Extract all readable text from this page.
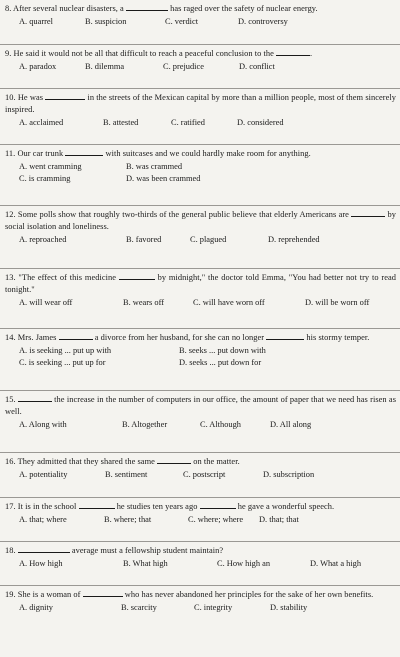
8. After several nuclear disasters, a	has raged over the safety of nuclear energy.
A. quarrel	B. suspicion	C. verdict	D. controversy
9. He said it would not be all that difficult to reach a peaceful conclusion to the	.
A. paradox	B. dilemma	C. prejudice	D. conflict
10. He was	in the streets of the Mexican capital by more than a million people, most of them sincerely inspired.
A. acclaimed	B. attested	C. ratified	D. considered
11. Our car trunk	with suitcases and we could hardly make room for anything.
A. went cramming	B. was crammed
C. is cramming	D. was been crammed
12. Some polls show that roughly two-thirds of the general public believe that elderly Americans are	by social isolation and loneliness.
A. reproached	B. favored	C. plagued	D. reprehended
13. "The effect of this medicine	by midnight," the doctor told Emma, "You had better not try to read tonight."
A. will wear off	B. wears off	C. will have worn off	D. will be worn off
14. Mrs. James	a divorce from her husband, for she can no longer	his stormy temper.
A. is seeking ... put up with	B. seeks ... put down with
C. is seeking ... put up for	D. seeks ... put down for
15.	the increase in the number of computers in our office, the amount of paper that we need has risen as well.
A. Along with	B. Altogether	C. Although	D. All along
16. They admitted that they shared the same	on the matter.
A. potentiality	B. sentiment	C. postscript	D. subscription
17. It is in the school	he studies ten years ago	he gave a wonderful speech.
A. that; where	B. where; that	C. where; where D. that; that
18.	average must a fellowship student maintain?
A. How high	B. What high	C. How high an	D. What a high
19. She is a woman of	who has never abandoned her principles for the sake of her own benefits.
A. dignity	B. scarcity	C. integrity	D. stability
